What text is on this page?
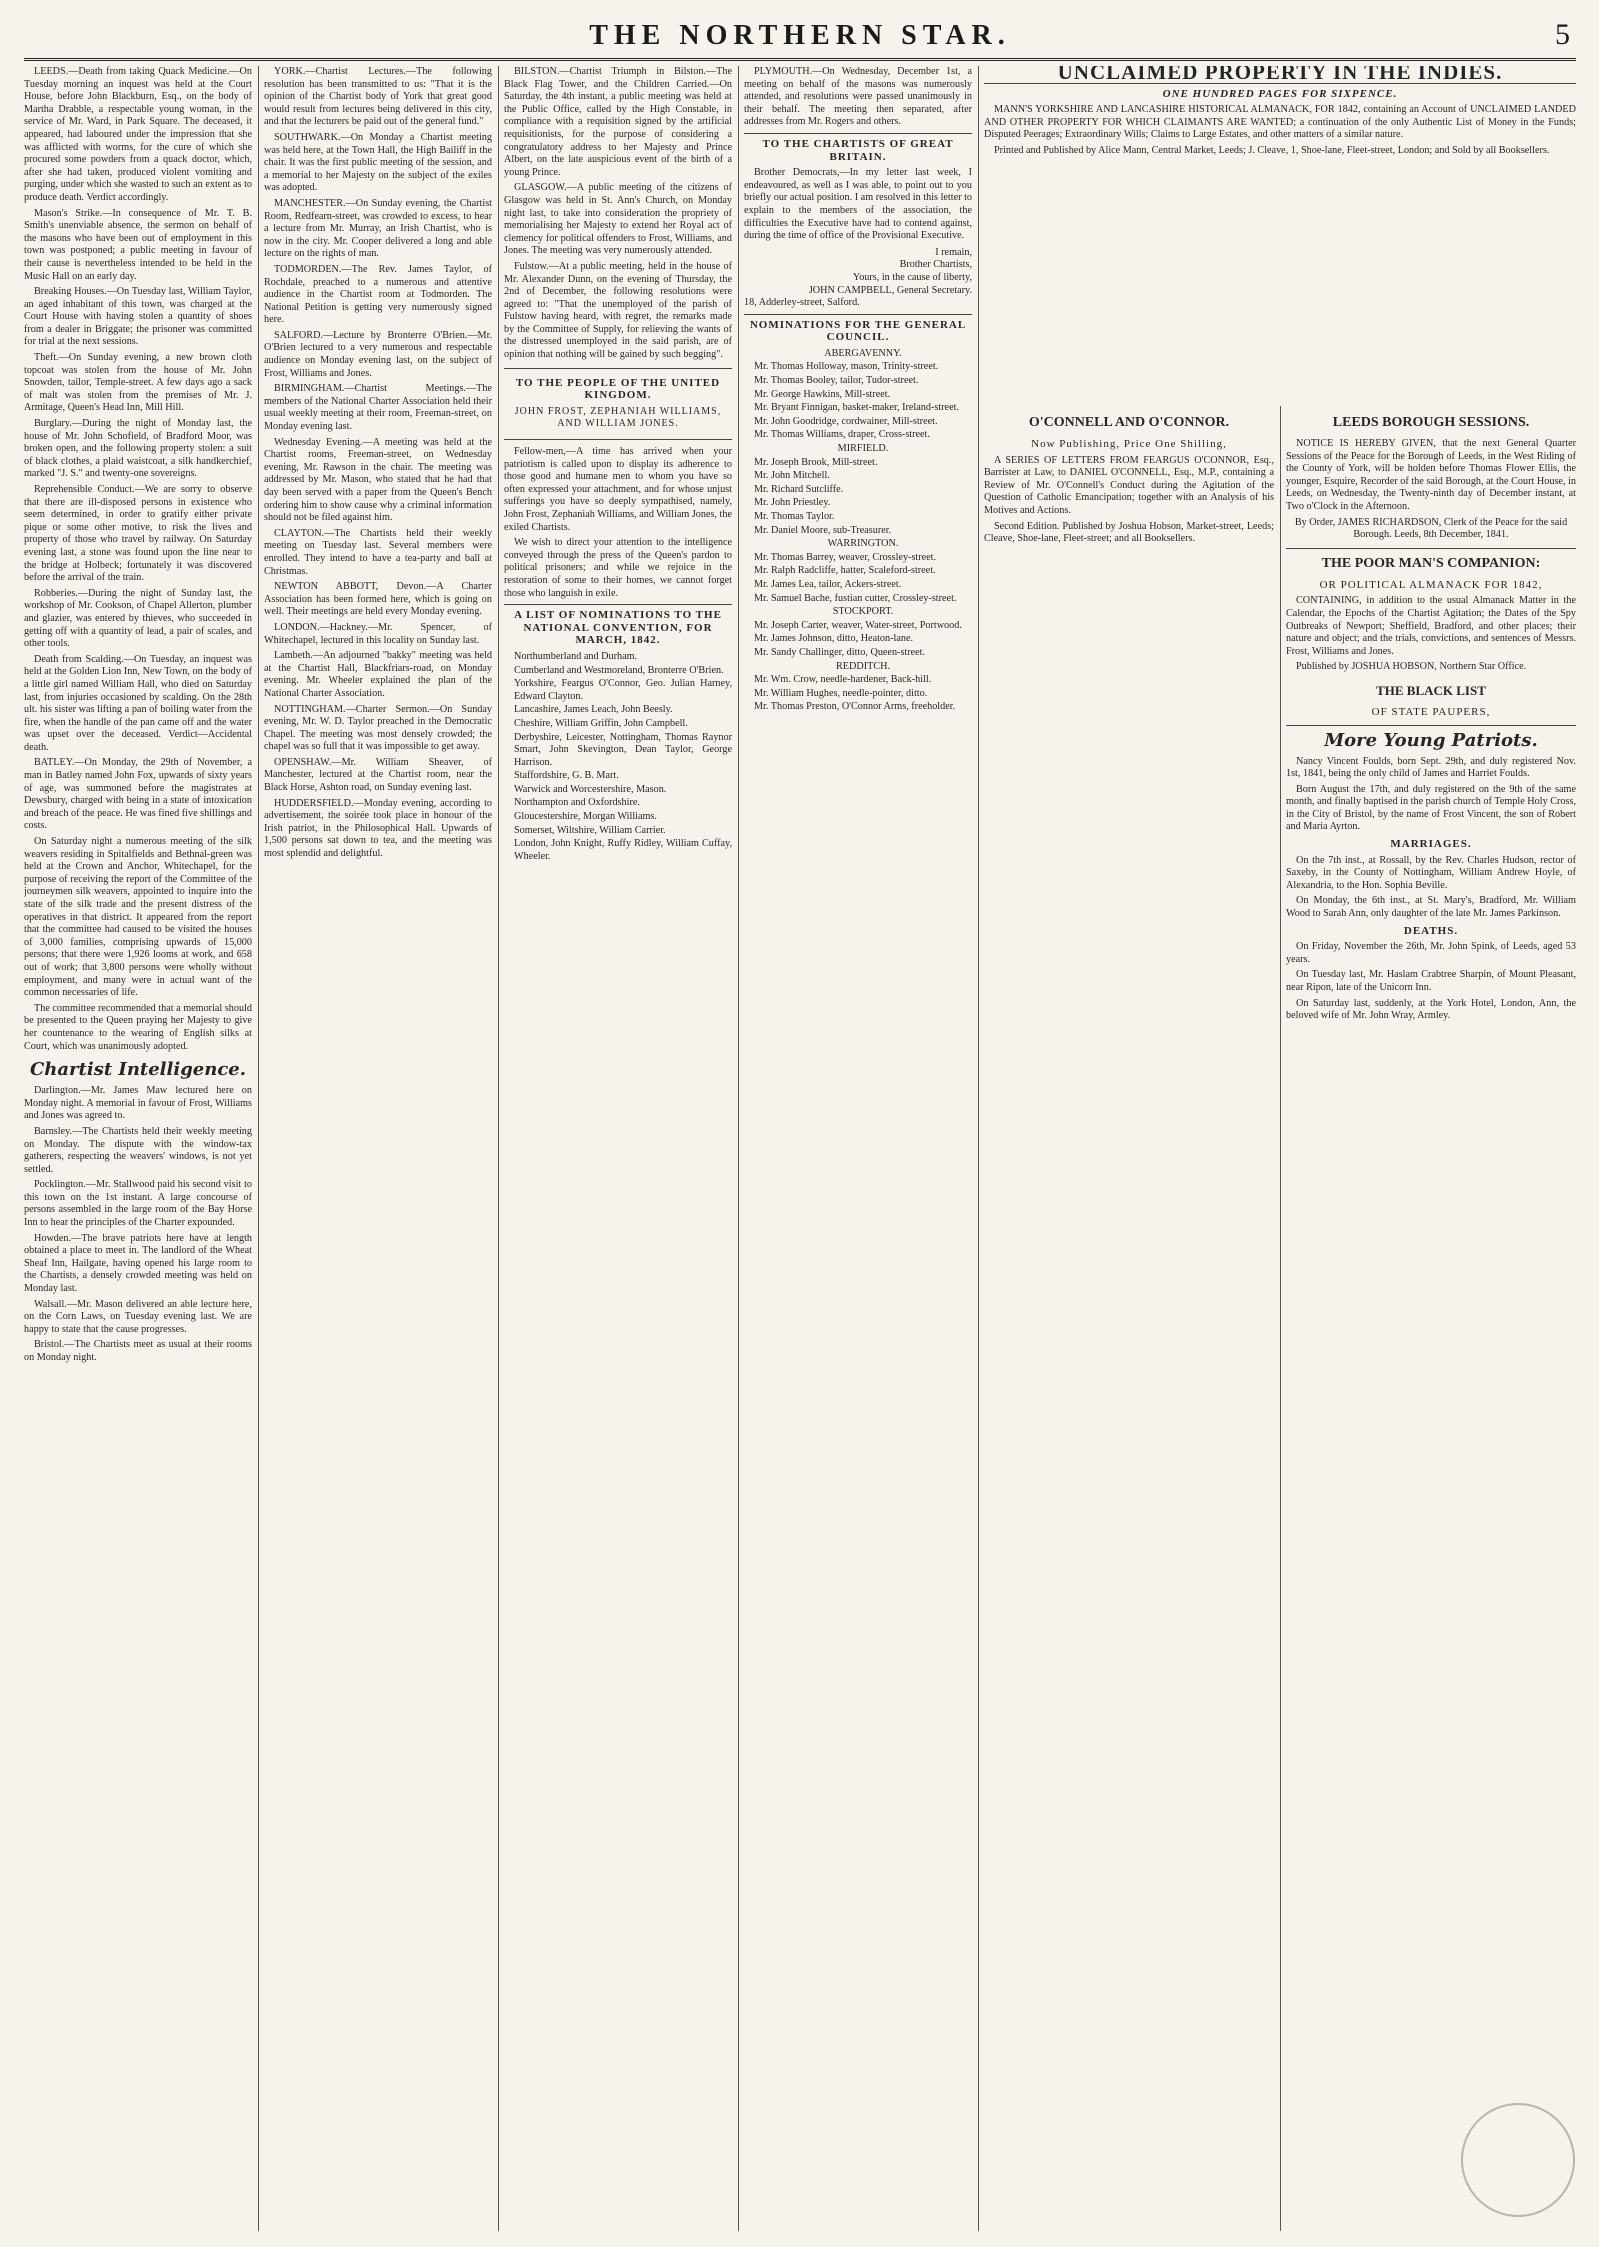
THE NORTHERN STAR.	5

LEEDS.—Death from taking Quack Medicine.—On Tuesday morning an inquest was held at the Court House, before John Blackburn, Esq., on the body of Martha Drabble, a respectable young woman, in the service of Mr. Ward, in Park Square. The deceased, it appeared, had laboured under the impression that she was afflicted with worms, for the cure of which she procured some powders from a quack doctor, which, after she had taken, produced violent vomiting and purging, under which she wasted to such an extent as to produce death. Verdict accordingly.

Mason's Strike.—In consequence of Mr. T. B. Smith's unenviable absence, the sermon on behalf of the masons who have been out of employment in this town was postponed; a public meeting in favour of their cause is nevertheless intended to be held in the Music Hall on an early day.

Breaking Houses.—On Tuesday last, William Taylor, an aged inhabitant of this town, was charged at the Court House with having stolen a quantity of shoes from a dealer in Briggate; the prisoner was committed for trial at the next sessions.

Theft.—On Sunday evening, a new brown cloth topcoat was stolen from the house of Mr. John Snowden, tailor, Temple-street. A few days ago a sack of malt was stolen from the premises of Mr. J. Armitage, Queen's Head Inn, Mill Hill.

Burglary.—During the night of Monday last, the house of Mr. John Schofield, of Bradford Moor, was broken open, and the following property stolen: a suit of black clothes, a plaid waistcoat, a silk handkerchief, marked "J. S." and twenty-one sovereigns.

Reprehensible Conduct.—We are sorry to observe that there are ill-disposed persons in existence who seem determined, in order to gratify either private pique or some other motive, to risk the lives and property of those who travel by railway. On Saturday evening last, a stone was found upon the line near to the bridge at Holbeck; fortunately it was discovered before the arrival of the train.

Robberies.—During the night of Sunday last, the workshop of Mr. Cookson, of Chapel Allerton, plumber and glazier, was entered by thieves, who succeeded in getting off with a quantity of lead, a pair of scales, and other tools.

Death from Scalding.—On Tuesday, an inquest was held at the Golden Lion Inn, New Town, on the body of a little girl named William Hall, who died on Saturday last, from injuries occasioned by scalding. On the 28th ult. his sister was lifting a pan of boiling water from the fire, when the handle of the pan came off and the water was upset over the deceased. Verdict—Accidental death.

BATLEY.—On Monday, the 29th of November, a man in Batley named John Fox, upwards of sixty years of age, was summoned before the magistrates at Dewsbury, charged with being in a state of intoxication and breach of the peace. He was fined five shillings and costs.

On Saturday night a numerous meeting of the silk weavers residing in Spitalfields and Bethnal-green was held at the Crown and Anchor, Whitechapel, for the purpose of receiving the report of the Committee of the journeymen silk weavers, appointed to inquire into the state of the silk trade and the present distress of the operatives in that district. It appeared from the report that the committee had caused to be visited the houses of 3,000 families, comprising upwards of 15,000 persons; that there were 1,926 looms at work, and 658 out of work; that 3,800 persons were wholly without employment, and many were in actual want of the common necessaries of life.

The committee recommended that a memorial should be presented to the Queen praying her Majesty to give her countenance to the wearing of English silks at Court, which was unanimously adopted.

Chartist Intelligence.

Darlington.—Mr. James Maw lectured here on Monday night. A memorial in favour of Frost, Williams and Jones was agreed to.

Barnsley.—The Chartists held their weekly meeting on Monday. The dispute with the window-tax gatherers, respecting the weavers' windows, is not yet settled.

Pocklington.—Mr. Stallwood paid his second visit to this town on the 1st instant. A large concourse of persons assembled in the large room of the Bay Horse Inn to hear the principles of the Charter expounded.

Howden.—The brave patriots here have at length obtained a place to meet in. The landlord of the Wheat Sheaf Inn, Hailgate, having opened his large room to the Chartists, a densely crowded meeting was held on Monday last.

Walsall.—Mr. Mason delivered an able lecture here, on the Corn Laws, on Tuesday evening last. We are happy to state that the cause progresses.

Bristol.—The Chartists meet as usual at their rooms on Monday night.

YORK.—Chartist Lectures.—The following resolution has been transmitted to us: "That it is the opinion of the Chartist body of York that great good would result from lectures being delivered in this city, and that the lecturers be paid out of the general fund."

SOUTHWARK.—On Monday a Chartist meeting was held here, at the Town Hall, the High Bailiff in the chair. It was the first public meeting of the session, and a memorial to her Majesty on the subject of the exiles was adopted.

MANCHESTER.—On Sunday evening, the Chartist Room, Redfearn-street, was crowded to excess, to hear a lecture from Mr. Murray, an Irish Chartist, who is now in the city. Mr. Cooper delivered a long and able lecture on the rights of man.

TODMORDEN.—The Rev. James Taylor, of Rochdale, preached to a numerous and attentive audience in the Chartist room at Todmorden. The National Petition is getting very numerously signed here.

SALFORD.—Lecture by Bronterre O'Brien.—Mr. O'Brien lectured to a very numerous and respectable audience on Monday evening last, on the subject of Frost, Williams and Jones.

BIRMINGHAM.—Chartist Meetings.—The members of the National Charter Association held their usual weekly meeting at their room, Freeman-street, on Monday evening last.

Wednesday Evening.—A meeting was held at the Chartist rooms, Freeman-street, on Wednesday evening, Mr. Rawson in the chair. The meeting was addressed by Mr. Mason, who stated that he had that day been served with a paper from the Queen's Bench ordering him to show cause why a criminal information should not be filed against him.

CLAYTON.—The Chartists held their weekly meeting on Tuesday last. Several members were enrolled. They intend to have a tea-party and ball at Christmas.

NEWTON ABBOTT, Devon.—A Charter Association has been formed here, which is going on well. Their meetings are held every Monday evening.

LONDON.—Hackney.—Mr. Spencer, of Whitechapel, lectured in this locality on Sunday last.

Lambeth.—An adjourned "bakky" meeting was held at the Chartist Hall, Blackfriars-road, on Monday evening. Mr. Wheeler explained the plan of the National Charter Association.

NOTTINGHAM.—Charter Sermon.—On Sunday evening, Mr. W. D. Taylor preached in the Democratic Chapel. The meeting was most densely crowded; the chapel was so full that it was impossible to get away.

OPENSHAW.—Mr. William Sheaver, of Manchester, lectured at the Chartist room, near the Black Horse, Ashton road, on Sunday evening last.

HUDDERSFIELD.—Monday evening, according to advertisement, the soirée took place in honour of the Irish patriot, in the Philosophical Hall. Upwards of 1,500 persons sat down to tea, and the meeting was most splendid and delightful.

BILSTON.—Chartist Triumph in Bilston.—The Black Flag Tower, and the Children Carried.—On Saturday, the 4th instant, a public meeting was held at the Public Office, called by the High Constable, in compliance with a requisition signed by the artificial requisitionists, for the purpose of considering a congratulatory address to her Majesty and Prince Albert, on the late auspicious event of the birth of a young Prince.

GLASGOW.—A public meeting of the citizens of Glasgow was held in St. Ann's Church, on Monday night last, to take into consideration the propriety of memorialising her Majesty to extend her Royal act of clemency for political offenders to Frost, Williams, and Jones. The meeting was very numerously attended.

Fulstow.—At a public meeting, held in the house of Mr. Alexander Dunn, on the evening of Thursday, the 2nd of December, the following resolutions were agreed to: "That the unemployed of the parish of Fulstow having heard, with regret, the remarks made by the Committee of Supply, for relieving the wants of the distressed unemployed in the said parish, are of opinion that nothing will be gained by such begging".

TO THE PEOPLE OF THE UNITED KINGDOM.
JOHN FROST, ZEPHANIAH WILLIAMS, AND WILLIAM JONES.

Fellow-men,—A time has arrived when your patriotism is called upon to display its adherence to those good and humane men to whom you have so often expressed your attachment, and for whose unjust sufferings you have so deeply sympathised, namely, John Frost, Zephaniah Williams, and William Jones, the exiled Chartists.

We wish to direct your attention to the intelligence conveyed through the press of the Queen's pardon to political prisoners; and while we rejoice in the restoration of some to their homes, we cannot forget those who languish in exile.

A LIST OF NOMINATIONS TO THE NATIONAL CONVENTION, FOR MARCH, 1842.

Northumberland and Durham.

Cumberland and Westmoreland, Bronterre O'Brien.

Yorkshire, Feargus O'Connor, Geo. Julian Harney, Edward Clayton.

Lancashire, James Leach, John Beesly.

Cheshire, William Griffin, John Campbell.

Derbyshire, Leicester, Nottingham, Thomas Raynor Smart, John Skevington, Dean Taylor, George Harrison.

Staffordshire, G. B. Mart.

Warwick and Worcestershire, Mason.

Northampton and Oxfordshire.

Gloucestershire, Morgan Williams.

Somerset, Wiltshire, William Carrier.

London, John Knight, Ruffy Ridley, William Cuffay, Wheeler.

PLYMOUTH.—On Wednesday, December 1st, a meeting on behalf of the masons was numerously attended, and resolutions were passed unanimously in their behalf. The meeting then separated, after addresses from Mr. Rogers and others.

TO THE CHARTISTS OF GREAT BRITAIN.

Brother Democrats,—In my letter last week, I endeavoured, as well as I was able, to point out to you briefly our actual position. I am resolved in this letter to explain to the members of the association, the difficulties the Executive have had to contend against, during the time of office of the Provisional Executive.

I remain,
Brother Chartists,
Yours, in the cause of liberty,
JOHN CAMPBELL, General Secretary.
18, Adderley-street, Salford.
NOMINATIONS FOR THE GENERAL COUNCIL.

ABERGAVENNY.

Mr. Thomas Holloway, mason, Trinity-street.

Mr. Thomas Booley, tailor, Tudor-street.

Mr. George Hawkins, Mill-street.

Mr. Bryant Finnigan, basket-maker, Ireland-street.

Mr. John Goodridge, cordwainer, Mill-street.

Mr. Thomas Williams, draper, Cross-street.

MIRFIELD.

Mr. Joseph Brook, Mill-street.

Mr. John Mitchell.

Mr. Richard Sutcliffe.

Mr. John Priestley.

Mr. Thomas Taylor.

Mr. Daniel Moore, sub-Treasurer.

WARRINGTON.

Mr. Thomas Barrey, weaver, Crossley-street.

Mr. Ralph Radcliffe, hatter, Scaleford-street.

Mr. James Lea, tailor, Ackers-street.

Mr. Samuel Bache, fustian cutter, Crossley-street.

STOCKPORT.

Mr. Joseph Carter, weaver, Water-street, Portwood.

Mr. James Johnson, ditto, Heaton-lane.

Mr. Sandy Challinger, ditto, Queen-street.

REDDITCH.

Mr. Wm. Crow, needle-hardener, Back-hill.

Mr. William Hughes, needle-pointer, ditto.

Mr. Thomas Preston, O'Connor Arms, freeholder.

UNCLAIMED PROPERTY IN THE INDIES.
ONE HUNDRED PAGES FOR SIXPENCE.

MANN'S YORKSHIRE AND LANCASHIRE HISTORICAL ALMANACK, FOR 1842, containing an Account of UNCLAIMED LANDED AND OTHER PROPERTY FOR WHICH CLAIMANTS ARE WANTED; a continuation of the only Authentic List of Money in the Funds; Disputed Peerages; Extraordinary Wills; Claims to Large Estates, and other matters of a similar nature.

Printed and Published by Alice Mann, Central Market, Leeds; J. Cleave, 1, Shoe-lane, Fleet-street, London; and Sold by all Booksellers.

O'CONNELL AND O'CONNOR.
Now Publishing, Price One Shilling,

A SERIES OF LETTERS FROM FEARGUS O'CONNOR, Esq., Barrister at Law, to DANIEL O'CONNELL, Esq., M.P., containing a Review of Mr. O'Connell's Conduct during the Agitation of the Question of Catholic Emancipation; together with an Analysis of his Motives and Actions.

Second Edition. Published by Joshua Hobson, Market-street, Leeds; Cleave, Shoe-lane, Fleet-street; and all Booksellers.

LEEDS BOROUGH SESSIONS.

NOTICE IS HEREBY GIVEN, that the next General Quarter Sessions of the Peace for the Borough of Leeds, in the West Riding of the County of York, will be holden before Thomas Flower Ellis, the younger, Esquire, Recorder of the said Borough, at the Court House, in Leeds, on Wednesday, the Twenty-ninth day of December instant, at Two o'Clock in the Afternoon.

By Order, JAMES RICHARDSON, Clerk of the Peace for the said Borough. Leeds, 8th December, 1841.

THE POOR MAN'S COMPANION:
OR POLITICAL ALMANACK FOR 1842,

CONTAINING, in addition to the usual Almanack Matter in the Calendar, the Epochs of the Chartist Agitation; the Dates of the Spy Outbreaks of Newport; Sheffield, Bradford, and other places; their nature and object; and the trials, convictions, and sentences of Messrs. Frost, Williams and Jones.

Published by JOSHUA HOBSON, Northern Star Office.

THE BLACK LIST
OF STATE PAUPERS,
More Young Patriots.

Nancy Vincent Foulds, born Sept. 29th, and duly registered Nov. 1st, 1841, being the only child of James and Harriet Foulds.

Born August the 17th, and duly registered on the 9th of the same month, and finally baptised in the parish church of Temple Holy Cross, in the City of Bristol, by the name of Frost Vincent, the son of Robert and Maria Ayrton.

MARRIAGES.

On the 7th inst., at Rossall, by the Rev. Charles Hudson, rector of Saxeby, in the County of Nottingham, William Andrew Hoyle, of Alexandria, to the Hon. Sophia Beville.

On Monday, the 6th inst., at St. Mary's, Bradford, Mr. William Wood to Sarah Ann, only daughter of the late Mr. James Parkinson.

DEATHS.

On Friday, November the 26th, Mr. John Spink, of Leeds, aged 53 years.

On Tuesday last, Mr. Haslam Crabtree Sharpin, of Mount Pleasant, near Ripon, late of the Unicorn Inn.

On Saturday last, suddenly, at the York Hotel, London, Ann, the beloved wife of Mr. John Wray, Armley.
